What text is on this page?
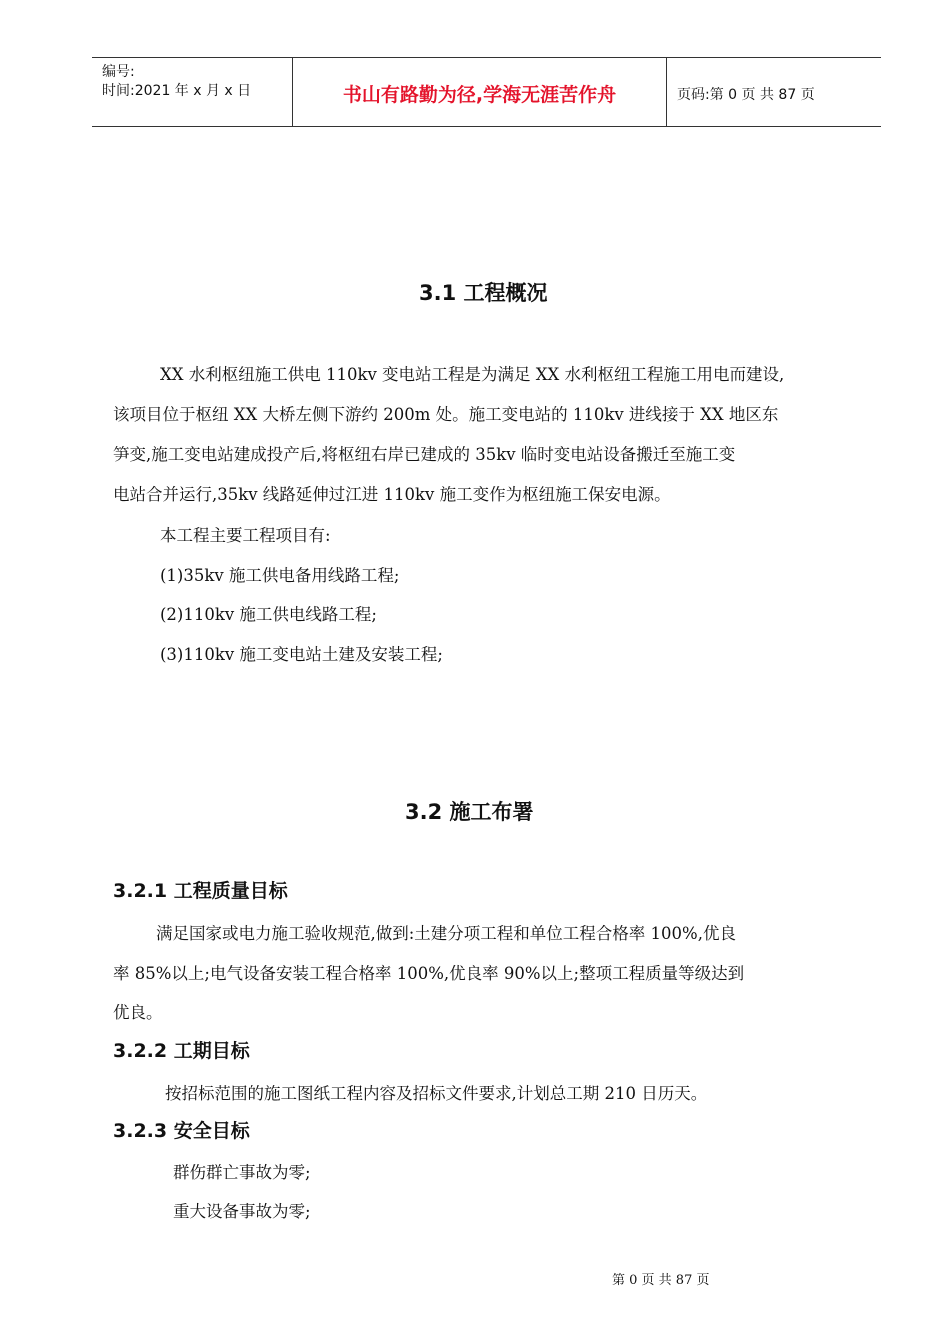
编号:
时间:2021 年 x 月 x 日	书山有路勤为径,学海无涯苦作舟	页码:第 0 页 共 87 页
3.1 工程概况
XX 水利枢纽施工供电 110kv 变电站工程是为满足 XX 水利枢纽工程施工用电而建设,
该项目位于枢纽 XX 大桥左侧下游约 200m 处。施工变电站的 110kv 进线接于 XX 地区东
笋变,施工变电站建成投产后,将枢纽右岸已建成的 35kv 临时变电站设备搬迁至施工变
电站合并运行,35kv 线路延伸过江进 110kv 施工变作为枢纽施工保安电源。
本工程主要工程项目有:
(1)35kv 施工供电备用线路工程;
(2)110kv 施工供电线路工程;
(3)110kv 施工变电站土建及安装工程;
3.2 施工布署
3.2.1 工程质量目标
满足国家或电力施工验收规范,做到:土建分项工程和单位工程合格率 100%,优良
率 85%以上;电气设备安装工程合格率 100%,优良率 90%以上;整项工程质量等级达到
优良。
3.2.2 工期目标
按招标范围的施工图纸工程内容及招标文件要求,计划总工期 210 日历天。
3.2.3 安全目标
群伤群亡事故为零;
重大设备事故为零;
第 0 页 共 87 页
